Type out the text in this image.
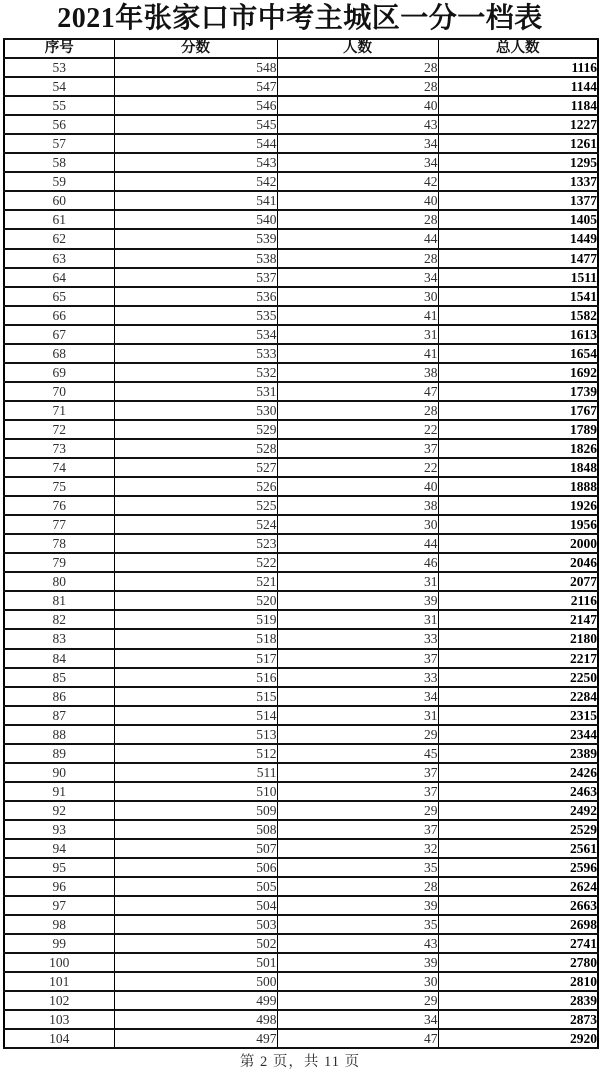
2021年张家口市中考主城区一分一档表
序号	分数	人数	总人数
53	548	28	1116
54	547	28	1144
55	546	40	1184
56	545	43	1227
57	544	34	1261
58	543	34	1295
59	542	42	1337
60	541	40	1377
61	540	28	1405
62	539	44	1449
63	538	28	1477
64	537	34	1511
65	536	30	1541
66	535	41	1582
67	534	31	1613
68	533	41	1654
69	532	38	1692
70	531	47	1739
71	530	28	1767
72	529	22	1789
73	528	37	1826
74	527	22	1848
75	526	40	1888
76	525	38	1926
77	524	30	1956
78	523	44	2000
79	522	46	2046
80	521	31	2077
81	520	39	2116
82	519	31	2147
83	518	33	2180
84	517	37	2217
85	516	33	2250
86	515	34	2284
87	514	31	2315
88	513	29	2344
89	512	45	2389
90	511	37	2426
91	510	37	2463
92	509	29	2492
93	508	37	2529
94	507	32	2561
95	506	35	2596
96	505	28	2624
97	504	39	2663
98	503	35	2698
99	502	43	2741
100	501	39	2780
101	500	30	2810
102	499	29	2839
103	498	34	2873
104	497	47	2920
第 2 页，共 11 页
